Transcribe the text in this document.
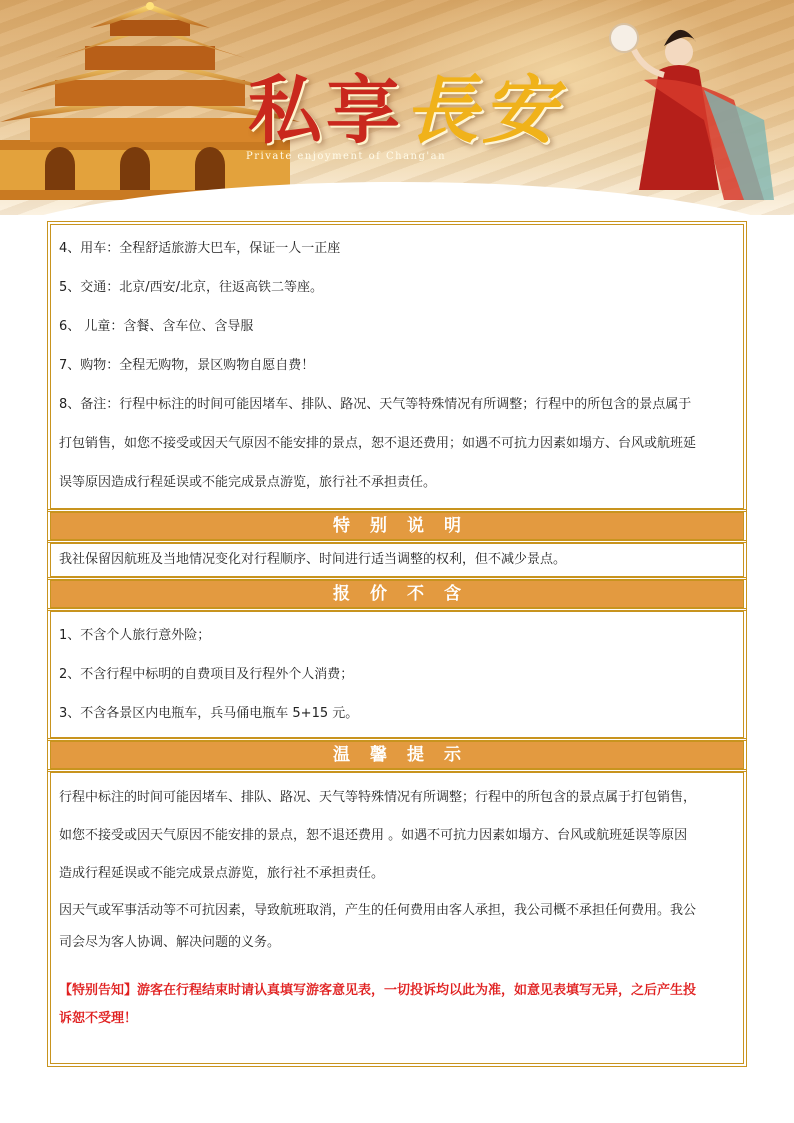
私享長安
Private enjoyment of Chang'an

4、用车：全程舒适旅游大巴车，保证一人一正座

5、交通：北京/西安/北京，往返高铁二等座。

6、 儿童：含餐、含车位、含导服

7、购物：全程无购物，景区购物自愿自费！

8、备注：行程中标注的时间可能因堵车、排队、路况、天气等特殊情况有所调整；行程中的所包含的景点属于

打包销售，如您不接受或因天气原因不能安排的景点，恕不退还费用；如遇不可抗力因素如塌方、台风或航班延

误等原因造成行程延误或不能完成景点游览，旅行社不承担责任。

特别说明

我社保留因航班及当地情况变化对行程顺序、时间进行适当调整的权利，但不减少景点。

报价不含

1、不含个人旅行意外险；

2、不含行程中标明的自费项目及行程外个人消费；

3、不含各景区内电瓶车，兵马俑电瓶车 5+15 元。

温馨提示

行程中标注的时间可能因堵车、排队、路况、天气等特殊情况有所调整；行程中的所包含的景点属于打包销售，

如您不接受或因天气原因不能安排的景点，恕不退还费用 。如遇不可抗力因素如塌方、台风或航班延误等原因

造成行程延误或不能完成景点游览，旅行社不承担责任。

因天气或军事活动等不可抗因素，导致航班取消，产生的任何费用由客人承担，我公司概不承担任何费用。我公

司会尽为客人协调、解决问题的义务。

【特别告知】游客在行程结束时请认真填写游客意见表，一切投诉均以此为准，如意见表填写无异，之后产生投

诉恕不受理！
